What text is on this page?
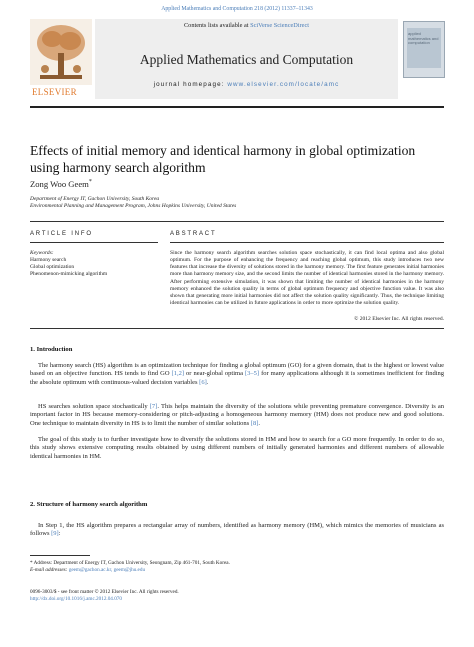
Applied Mathematics and Computation 218 (2012) 11337–11343
ELSEVIER
Contents lists available at SciVerse ScienceDirect
Applied Mathematics and Computation
journal homepage: www.elsevier.com/locate/amc
applied mathematics and computation
Effects of initial memory and identical harmony in global optimization using harmony search algorithm
Zong Woo Geem*
Department of Energy IT, Gachon University, South Korea
Environmental Planning and Management Program, Johns Hopkins University, United States
ARTICLE INFO	ABSTRACT
Keywords:
Harmony search
Global optimization
Phenomenon-mimicking algorithm
Since the harmony search algorithm searches solution space stochastically, it can find local optima and also global optimum. For the purpose of enhancing the frequency and reaching global optimum, this study introduces two new features that increase the diversity of solutions stored in the harmony memory. The first feature generates initial harmonies more than harmony memory size, and the second limits the number of identical harmonies stored in the harmony memory. After performing extensive simulation, it was shown that limiting the number of identical harmonies in the harmony memory enhanced the solution quality in terms of global optimum frequency and objective function value. It was also shown that generating more initial harmonies did not affect the solution quality significantly. Thus, the technique limiting identical harmonies can be utilized in future applications in order to more optimize the solution quality.
© 2012 Elsevier Inc. All rights reserved.
1. Introduction
The harmony search (HS) algorithm is an optimization technique for finding a global optimum (GO) for a given domain, that is the highest or lowest value based on an objective function. HS tends to find GO [1,2] or near-global optima [3–5] for many applications although it is sometimes inefficient for finding the absolute optimum with continuous-valued decision variables [6].
HS searches solution space stochastically [7]. This helps maintain the diversity of the solutions while preventing premature convergence. Diversity is an important factor in HS because memory-considering or pitch-adjusting a homogeneous harmony memory (HM) does not produce new and good solutions. One technique to maintain diversity in HS is to limit the number of similar solutions [8].
The goal of this study is to further investigate how to diversify the solutions stored in HM and how to search for a GO more frequently. In order to do so, this study shows extensive computing results obtained by using different numbers of initially generated harmonies and different numbers of allowable identical harmonies in HM.
2. Structure of harmony search algorithm
In Step 1, the HS algorithm prepares a rectangular array of numbers, identified as harmony memory (HM), which mimics the memories of musicians as follows [9]:
* Address: Department of Energy IT, Gachon University, Seongnam, Zip 461-701, South Korea.
E-mail addresses: geem@gachon.ac.kr, geem@jhu.edu
0096-3003/$ - see front matter © 2012 Elsevier Inc. All rights reserved.
http://dx.doi.org/10.1016/j.amc.2012.04.070
